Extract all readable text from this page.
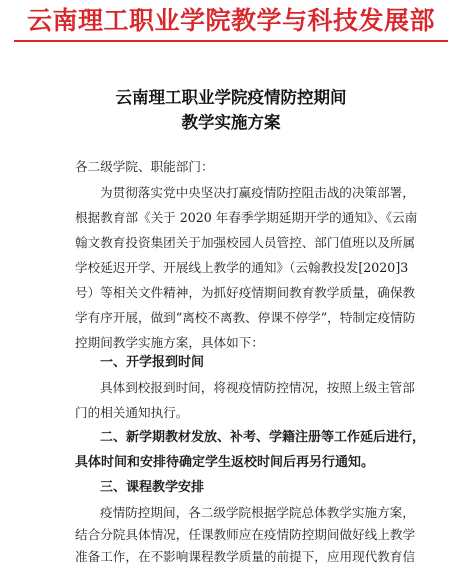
云南理工职业学院教学与科技发展部
云南理工职业学院疫情防控期间
教学实施方案
各二级学院、职能部门：
为贯彻落实党中央坚决打赢疫情防控阻击战的决策部署，
根据教育部《关于 2020 年春季学期延期开学的通知》、《云南
翰文教育投资集团关于加强校园人员管控、部门值班以及所属
学校延迟开学、开展线上教学的通知》（云翰教投发[2020]3
号）等相关文件精神，为抓好疫情期间教育教学质量，确保教
学有序开展，做到“离校不离教、停课不停学”，特制定疫情防
控期间教学实施方案，具体如下：
一、开学报到时间
具体到校报到时间，将视疫情防控情况，按照上级主管部
门的相关通知执行。
二、新学期教材发放、补考、学籍注册等工作延后进行，
具体时间和安排待确定学生返校时间后再另行通知。
三、课程教学安排
疫情防控期间，各二级学院根据学院总体教学实施方案，
结合分院具体情况，任课教师应在疫情防控期间做好线上教学
准备工作，在不影响课程教学质量的前提下，应用现代教育信
